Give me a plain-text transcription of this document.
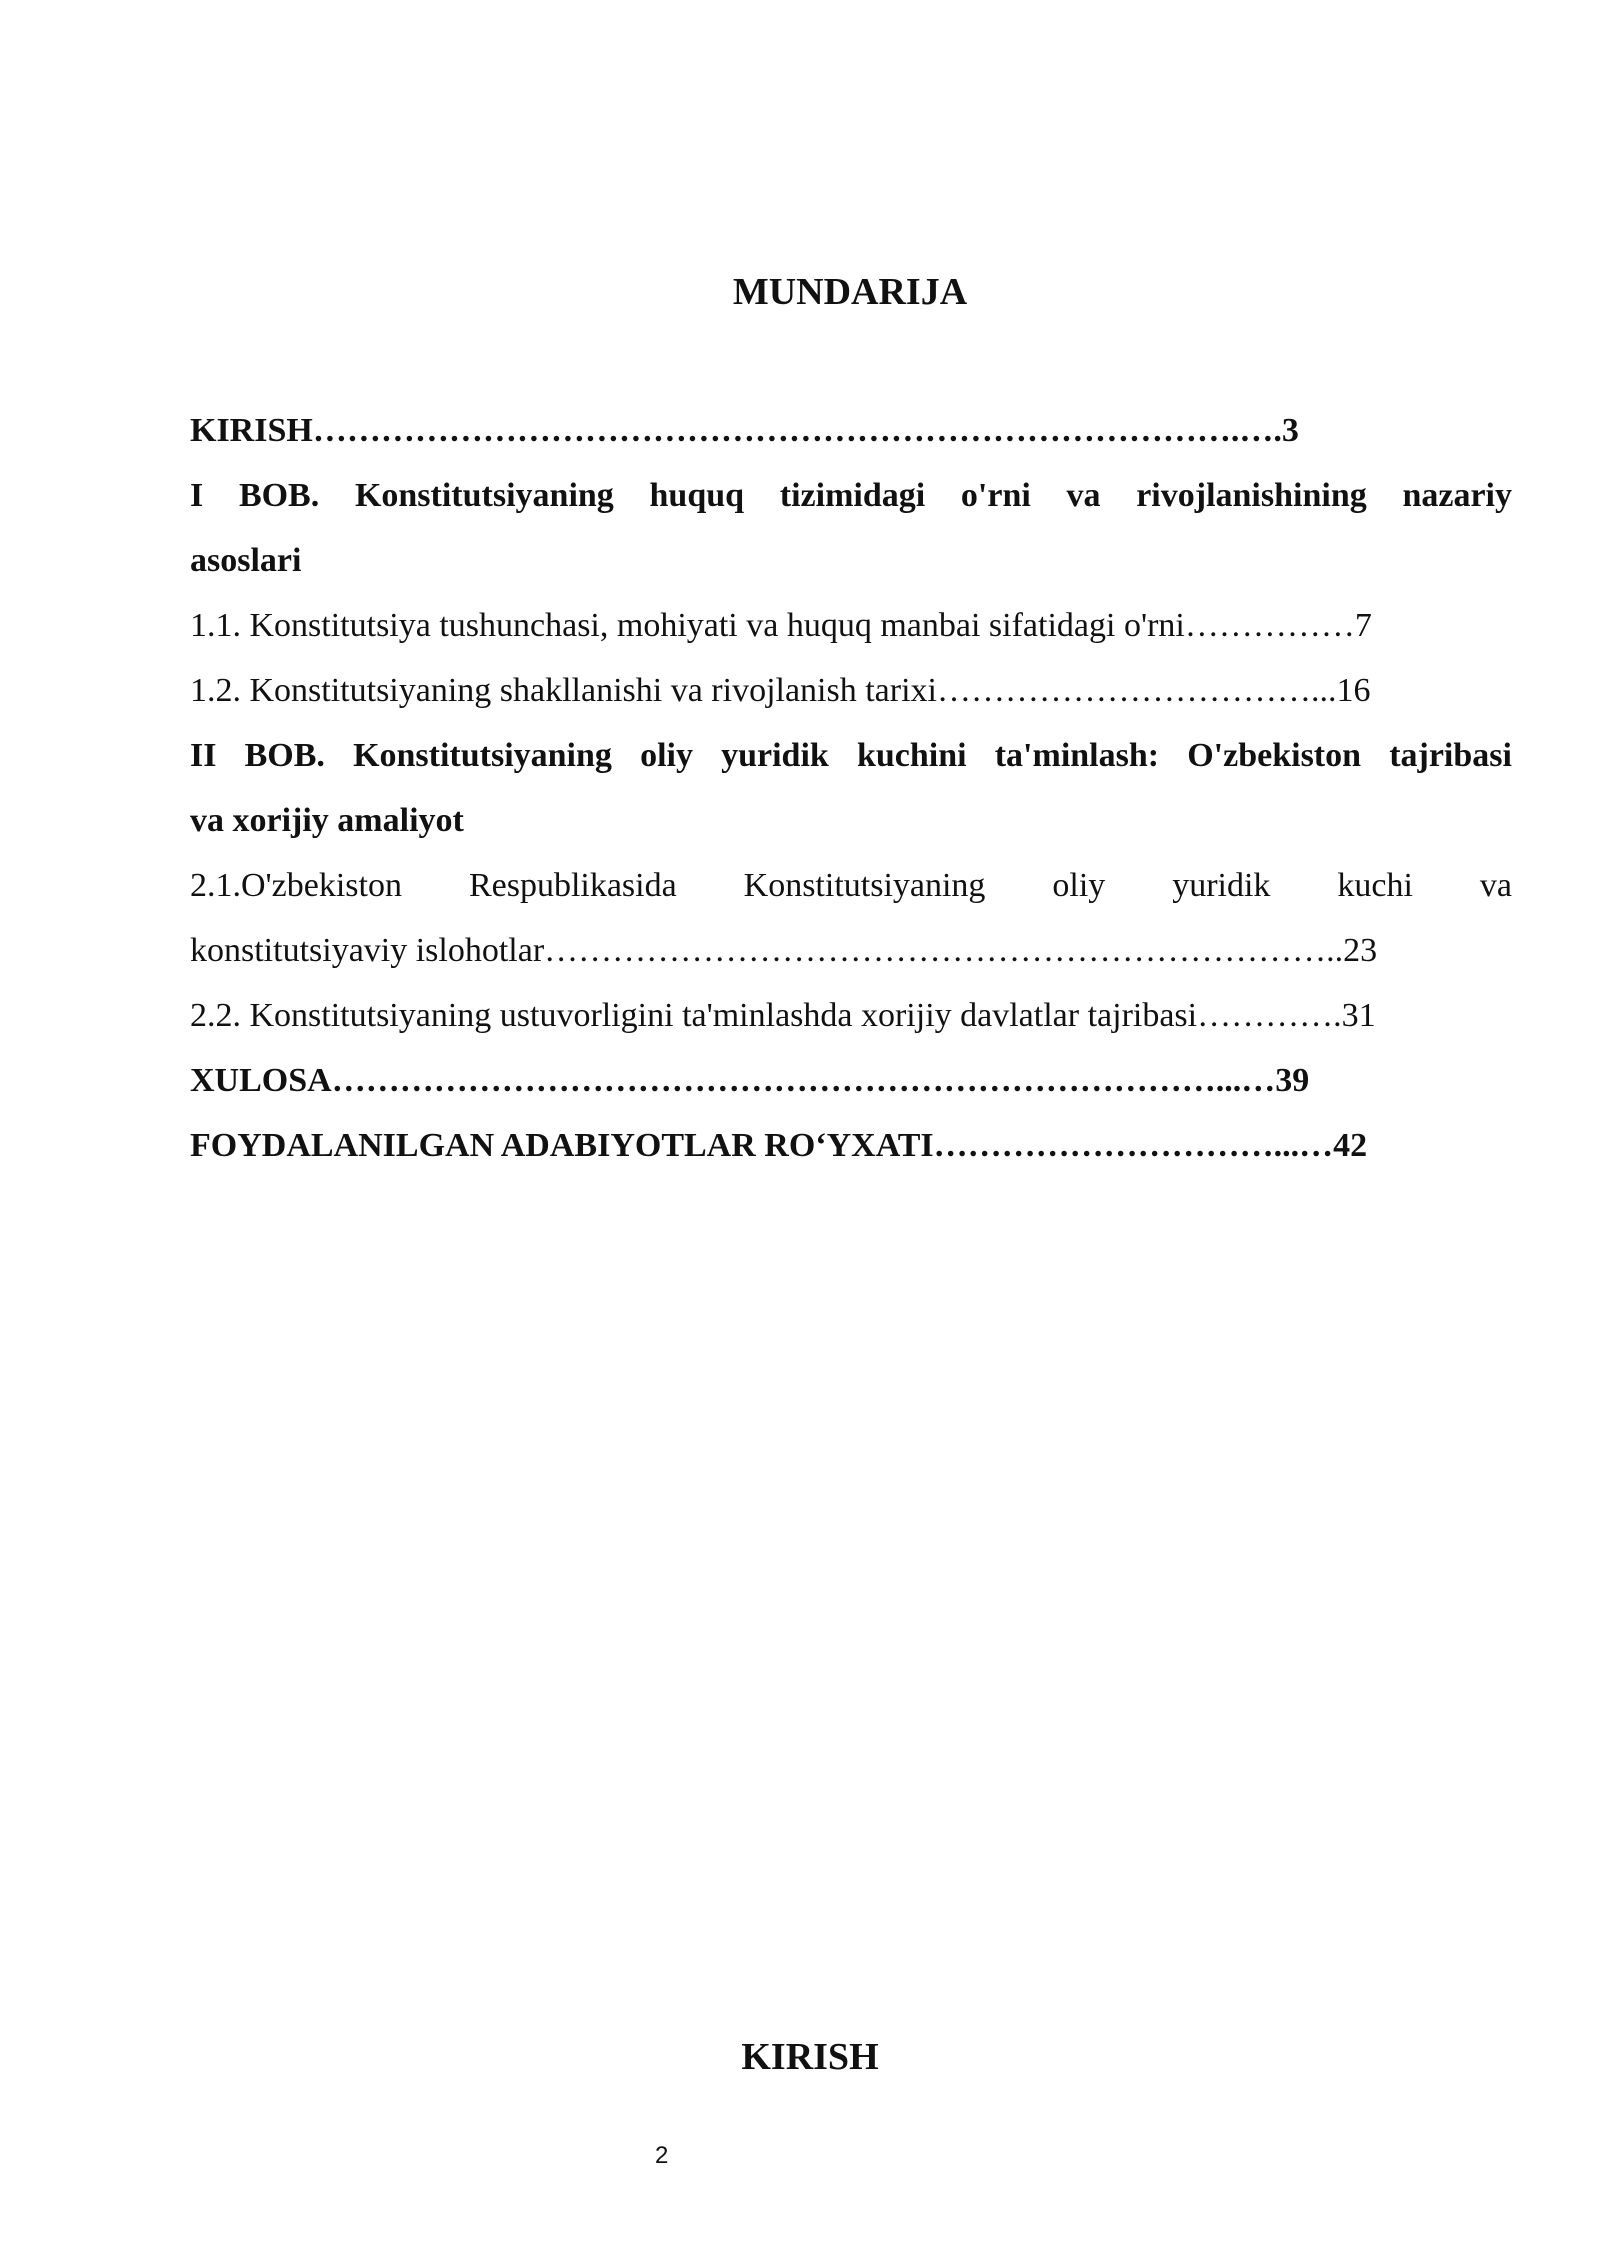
MUNDARIJA
KIRISH……………………………………………………………………….….3
I BOB. Konstitutsiyaning huquq tizimidagi o'rni va rivojlanishining nazariy
asoslari
1.1. Konstitutsiya tushunchasi, mohiyati va huquq manbai sifatidagi o'rni……………7
1.2. Konstitutsiyaning shakllanishi va rivojlanish tarixi……………………………...16
II BOB. Konstitutsiyaning oliy yuridik kuchini ta'minlash: O'zbekiston tajribasi
va xorijiy amaliyot
2.1.O'zbekiston Respublikasida Konstitutsiyaning oliy yuridik kuchi va
konstitutsiyaviy islohotlar……………………………………………………………..23
2.2. Konstitutsiyaning ustuvorligini ta'minlashda xorijiy davlatlar tajribasi………….31
XULOSA……………………………………………………………………...…39
FOYDALANILGAN ADABIYOTLAR RO‘YXATI…………………………...…42
KIRISH
2
